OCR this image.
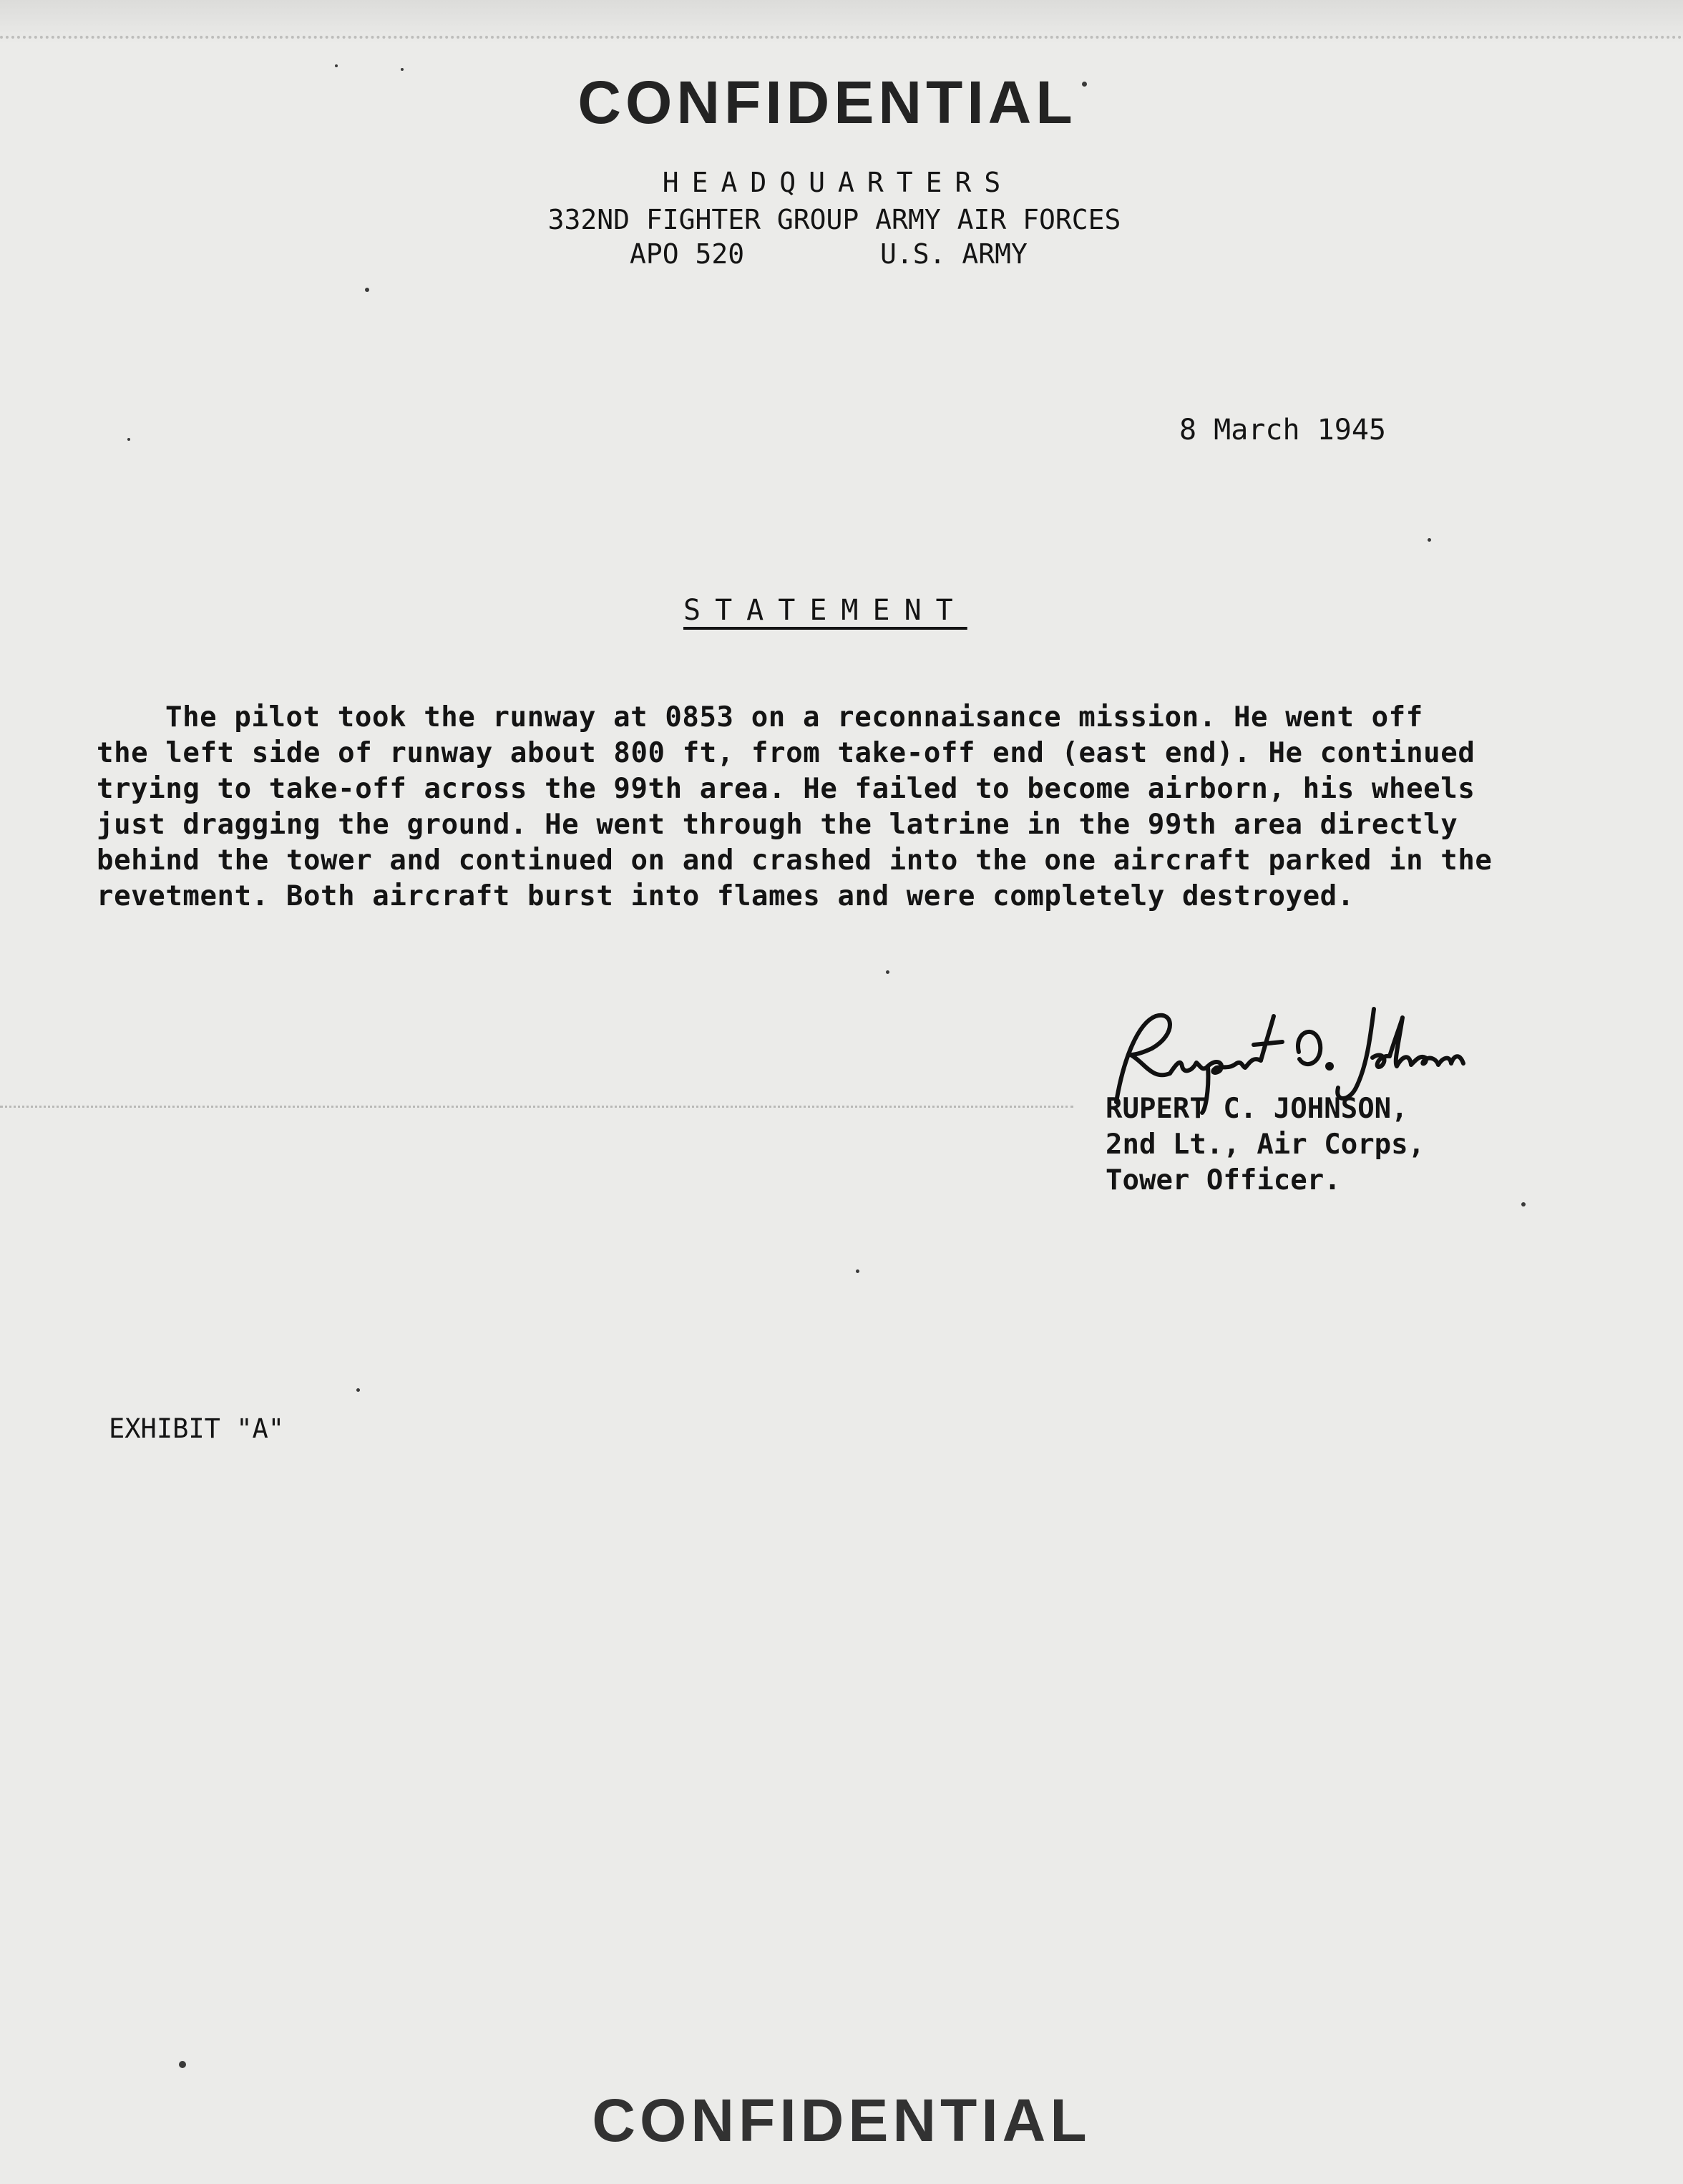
CONFIDENTIAL
HEADQUARTERS
332ND FIGHTER GROUP ARMY AIR FORCES
APO 520	U.S. ARMY
8 March 1945
STATEMENT
The pilot took the runway at 0853 on a reconnaisance mission. He went off
the left side of runway about 800 ft, from take-off end (east end). He continued
trying to take-off across the 99th area. He failed to become airborn, his wheels
just dragging the ground. He went through the latrine in the 99th area directly
behind the tower and continued on and crashed into the one aircraft parked in the
revetment. Both aircraft burst into flames and were completely destroyed.
RUPERT C. JOHNSON,
2nd Lt., Air Corps,
Tower Officer.
EXHIBIT "A"
CONFIDENTIAL
